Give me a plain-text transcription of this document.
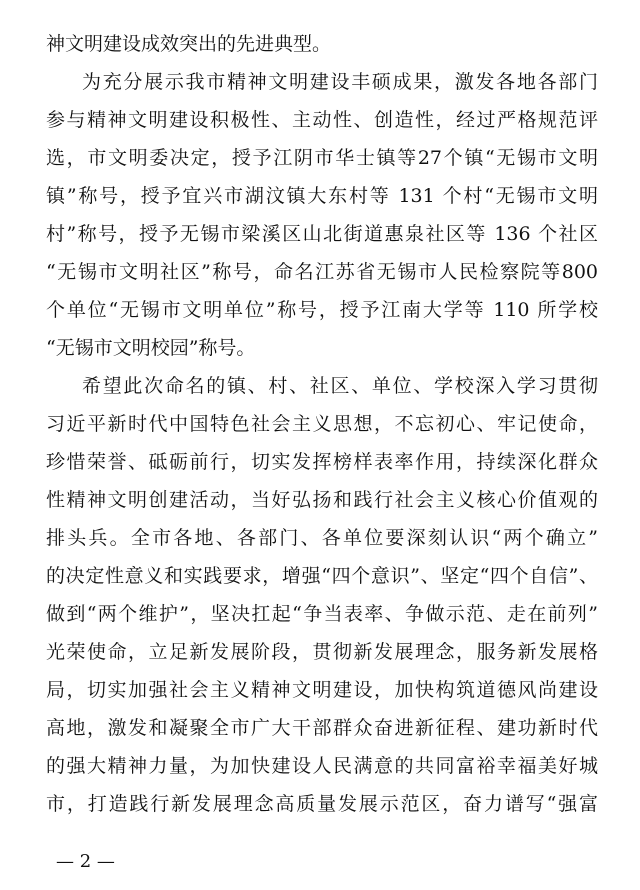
神文明建设成效突出的先进典型。
为充分展示我市精神文明建设丰硕成果，激发各地各部门
参与精神文明建设积极性、主动性、创造性，经过严格规范评
选，市文明委决定，授予江阴市华士镇等27个镇“无锡市文明
镇”称号，授予宜兴市湖汶镇大东村等 131 个村“无锡市文明
村”称号，授予无锡市梁溪区山北街道惠泉社区等 136 个社区
“无锡市文明社区”称号，命名江苏省无锡市人民检察院等800
个单位“无锡市文明单位”称号，授予江南大学等 110 所学校
“无锡市文明校园”称号。
希望此次命名的镇、村、社区、单位、学校深入学习贯彻
习近平新时代中国特色社会主义思想，不忘初心、牢记使命，
珍惜荣誉、砥砺前行，切实发挥榜样表率作用，持续深化群众
性精神文明创建活动，当好弘扬和践行社会主义核心价值观的
排头兵。全市各地、各部门、各单位要深刻认识“两个确立”
的决定性意义和实践要求，增强“四个意识”、坚定“四个自信”、
做到“两个维护”，坚决扛起“争当表率、争做示范、走在前列”
光荣使命，立足新发展阶段，贯彻新发展理念，服务新发展格
局，切实加强社会主义精神文明建设，加快构筑道德风尚建设
高地，激发和凝聚全市广大干部群众奋进新征程、建功新时代
的强大精神力量，为加快建设人民满意的共同富裕幸福美好城
市，打造践行新发展理念高质量发展示范区，奋力谱写“强富
— 2 —
